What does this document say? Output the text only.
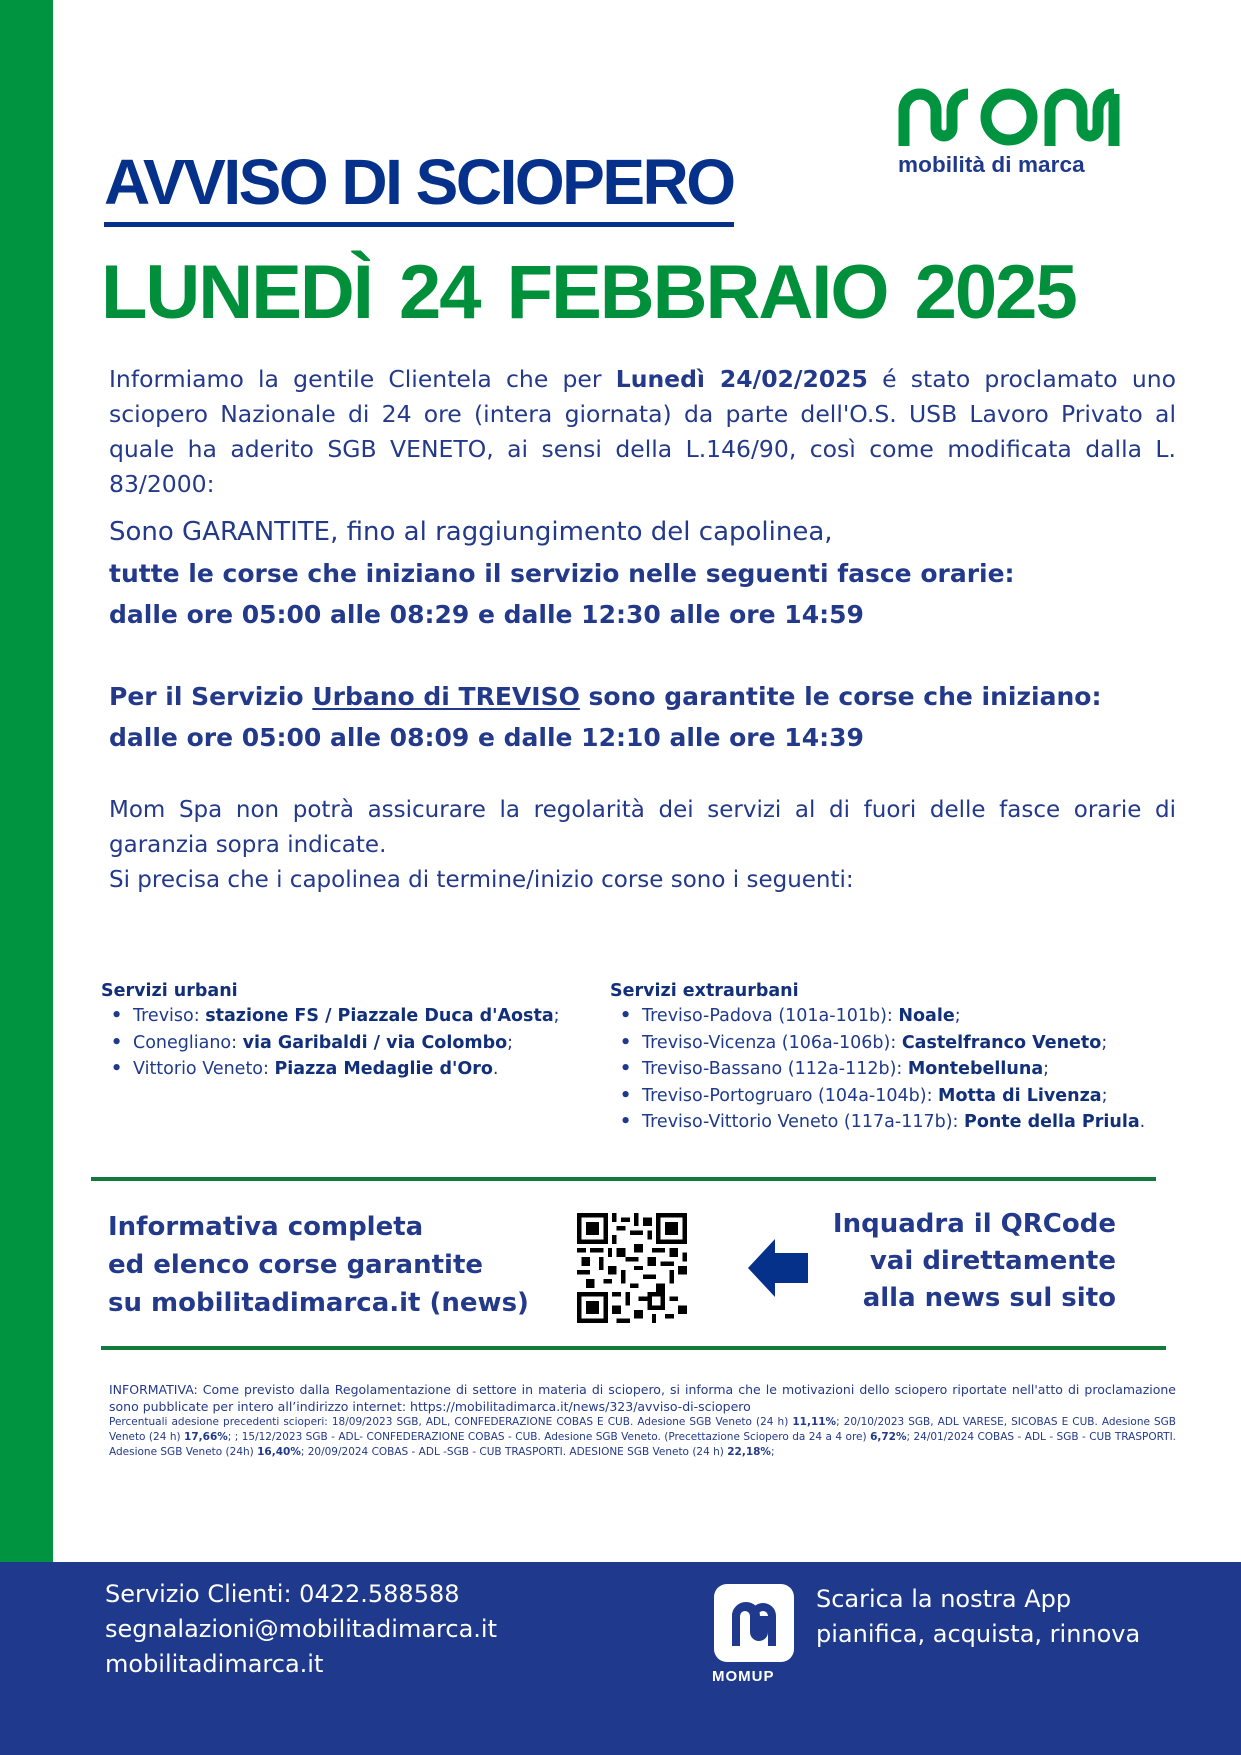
mobilità di marca
AVVISO DI SCIOPERO
LUNEDÌ 24 FEBBRAIO 2025
Informiamo la gentile Clientela che per Lunedì 24/02/2025 é stato proclamato uno sciopero Nazionale di 24 ore (intera giornata) da parte dell'O.S. USB Lavoro Privato al quale ha aderito SGB VENETO, ai sensi della L.146/90, così come modificata dalla L. 83/2000:
Sono GARANTITE, fino al raggiungimento del capolinea,
tutte le corse che iniziano il servizio nelle seguenti fasce orarie:
dalle ore 05:00 alle 08:29 e dalle 12:30 alle ore 14:59
Per il Servizio Urbano di TREVISO sono garantite le corse che iniziano:
dalle ore 05:00 alle 08:09 e dalle 12:10 alle ore 14:39
Mom Spa non potrà assicurare la regolarità dei servizi al di fuori delle fasce orarie di garanzia sopra indicate.
Si precisa che i capolinea di termine/inizio corse sono i seguenti:
Servizi urbani
• Treviso: stazione FS / Piazzale Duca d'Aosta;
• Conegliano: via Garibaldi / via Colombo;
• Vittorio Veneto: Piazza Medaglie d'Oro.
Servizi extraurbani
• Treviso-Padova (101a-101b): Noale;
• Treviso-Vicenza (106a-106b): Castelfranco Veneto;
• Treviso-Bassano (112a-112b): Montebelluna;
• Treviso-Portogruaro (104a-104b): Motta di Livenza;
• Treviso-Vittorio Veneto (117a-117b): Ponte della Priula.
Informativa completa
ed elenco corse garantite
su mobilitadimarca.it (news)
Inquadra il QRCode
vai direttamente
alla news sul sito
INFORMATIVA: Come previsto dalla Regolamentazione di settore in materia di sciopero, si informa che le motivazioni dello sciopero riportate nell'atto di proclamazione sono pubblicate per intero all’indirizzo internet: https://mobilitadimarca.it/news/323/avviso-di-sciopero
Percentuali adesione precedenti scioperi: 18/09/2023 SGB, ADL, CONFEDERAZIONE COBAS E CUB. Adesione SGB Veneto (24 h) 11,11%; 20/10/2023 SGB, ADL VARESE, SICOBAS E CUB. Adesione SGB Veneto (24 h) 17,66%; ; 15/12/2023 SGB - ADL- CONFEDERAZIONE COBAS - CUB. Adesione SGB Veneto. (Precettazione Sciopero da 24 a 4 ore) 6,72%; 24/01/2024 COBAS - ADL - SGB - CUB TRASPORTI. Adesione SGB Veneto (24h) 16,40%; 20/09/2024 COBAS - ADL -SGB - CUB TRASPORTI. ADESIONE SGB Veneto (24 h) 22,18%;
Servizio Clienti: 0422.588588
segnalazioni@mobilitadimarca.it
mobilitadimarca.it	MOMUP
Scarica la nostra App
pianifica, acquista, rinnova
